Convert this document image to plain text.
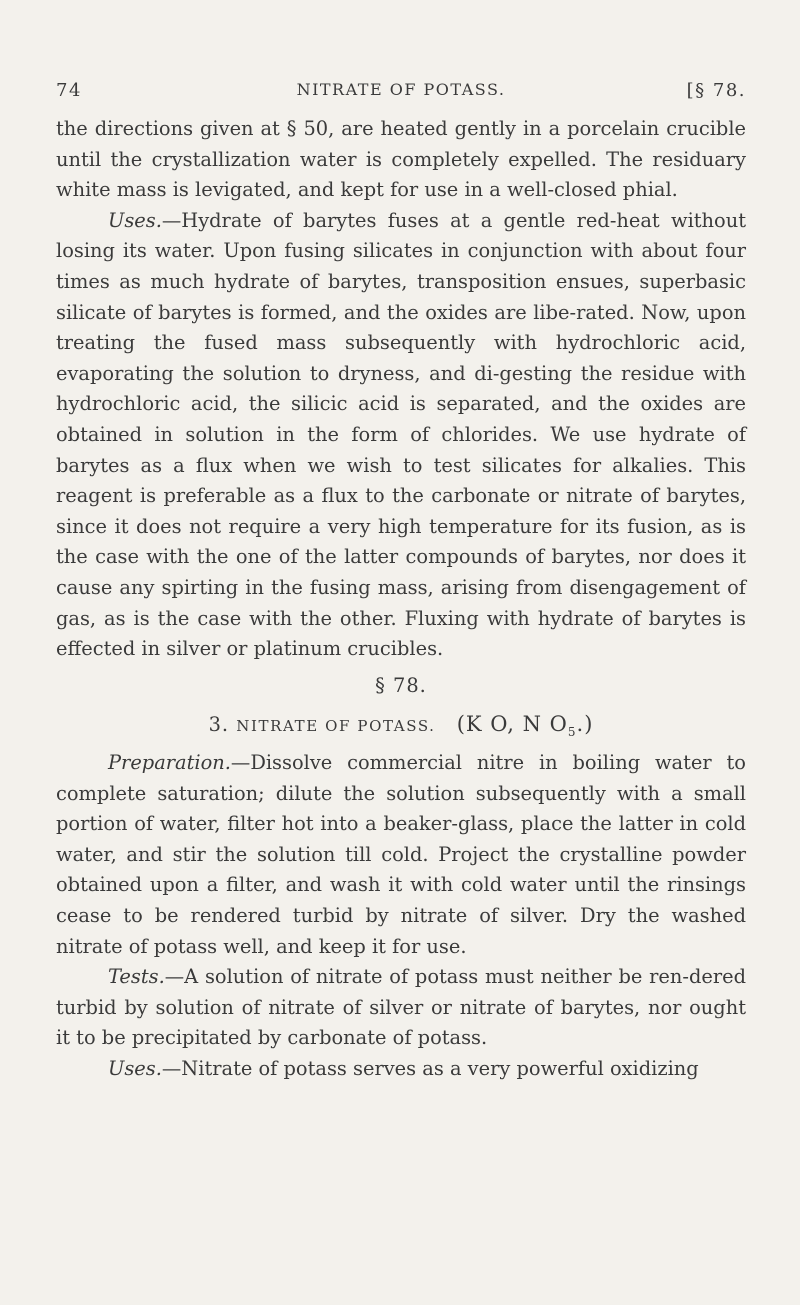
74	NITRATE OF POTASS.	[§ 78.

the directions given at § 50, are heated gently in a porcelain crucible until the crystallization water is completely expelled. The residuary white mass is levigated, and kept for use in a well-closed phial.

Uses.—Hydrate of barytes fuses at a gentle red-heat without losing its water. Upon fusing silicates in conjunction with about four times as much hydrate of barytes, transposition ensues, superbasic silicate of barytes is formed, and the oxides are libe-rated. Now, upon treating the fused mass subsequently with hydrochloric acid, evaporating the solution to dryness, and di-gesting the residue with hydrochloric acid, the silicic acid is separated, and the oxides are obtained in solution in the form of chlorides. We use hydrate of barytes as a flux when we wish to test silicates for alkalies. This reagent is preferable as a flux to the carbonate or nitrate of barytes, since it does not require a very high temperature for its fusion, as is the case with the one of the latter compounds of barytes, nor does it cause any spirting in the fusing mass, arising from disengagement of gas, as is the case with the other. Fluxing with hydrate of barytes is effected in silver or platinum crucibles.

§ 78.

3. NITRATE OF POTASS. (K O, N $O_5$.)

Preparation.—Dissolve commercial nitre in boiling water to complete saturation; dilute the solution subsequently with a small portion of water, filter hot into a beaker-glass, place the latter in cold water, and stir the solution till cold. Project the crystalline powder obtained upon a filter, and wash it with cold water until the rinsings cease to be rendered turbid by nitrate of silver. Dry the washed nitrate of potass well, and keep it for use.

Tests.—A solution of nitrate of potass must neither be ren-dered turbid by solution of nitrate of silver or nitrate of barytes, nor ought it to be precipitated by carbonate of potass.

Uses.—Nitrate of potass serves as a very powerful oxidizing
